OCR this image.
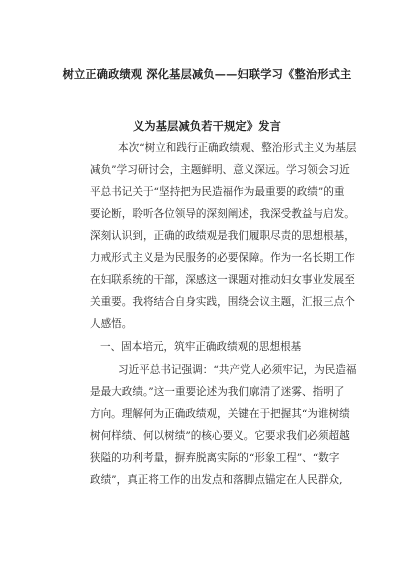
树立正确政绩观 深化基层减负——妇联学习《整治形式主
义为基层减负若干规定》发言
本次“树立和践行正确政绩观、整治形式主义为基层
减负”学习研讨会，主题鲜明、意义深远。学习领会习近
平总书记关于“坚持把为民造福作为最重要的政绩”的重
要论断，聆听各位领导的深刻阐述，我深受教益与启发。
深刻认识到，正确的政绩观是我们履职尽责的思想根基，
力戒形式主义是为民服务的必要保障。作为一名长期工作
在妇联系统的干部，深感这一课题对推动妇女事业发展至
关重要。我将结合自身实践，围绕会议主题，汇报三点个
人感悟。
一、固本培元，筑牢正确政绩观的思想根基
习近平总书记强调：“共产党人必须牢记，为民造福
是最大政绩。”这一重要论述为我们廓清了迷雾、指明了
方向。理解何为正确政绩观，关键在于把握其“为谁树绩
树何样绩、何以树绩”的核心要义。它要求我们必须超越
狭隘的功利考量，摒弃脱离实际的“形象工程”、“数字
政绩”，真正将工作的出发点和落脚点锚定在人民群众,
